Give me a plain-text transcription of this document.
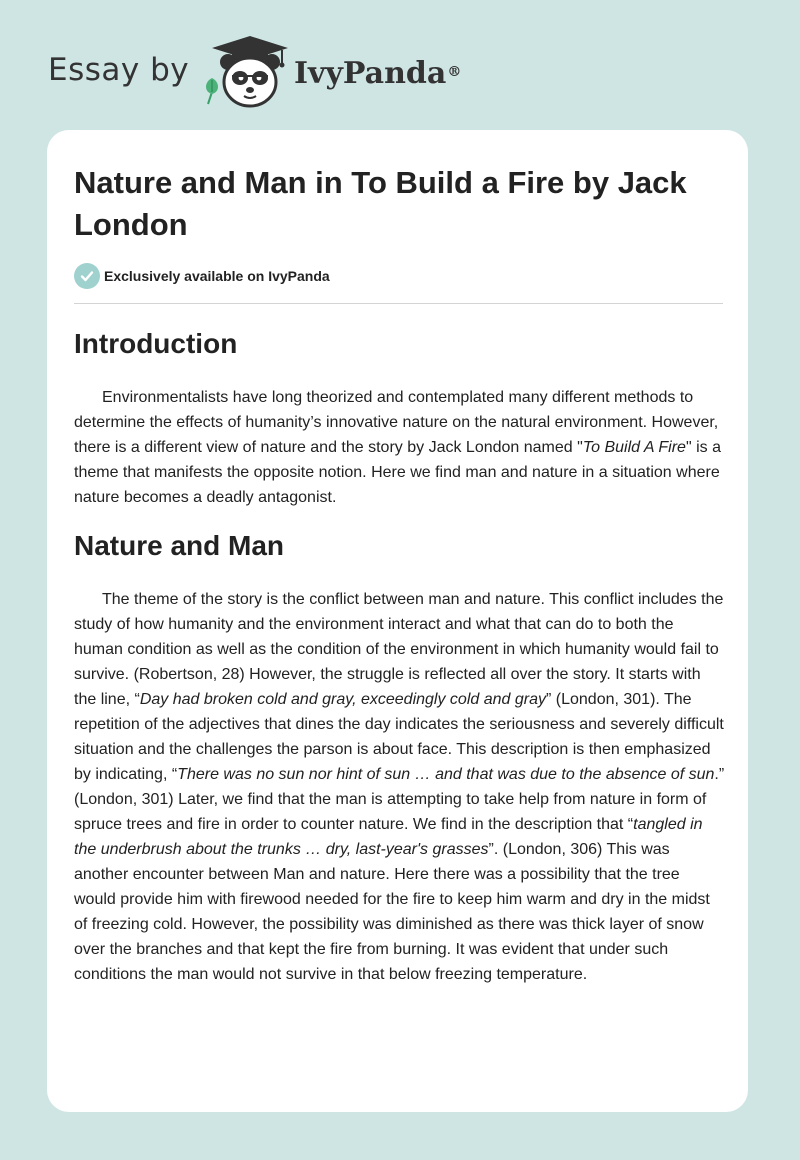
Essay by	IvyPanda®
Nature and Man in To Build a Fire by Jack London
Exclusively available on IvyPanda
Introduction

Environmentalists have long theorized and contemplated many different methods to determine the effects of humanity’s innovative nature on the natural environment. However, there is a different view of nature and the story by Jack London named "To Build A Fire" is a theme that manifests the opposite notion. Here we find man and nature in a situation where nature becomes a deadly antagonist.

Nature and Man

The theme of the story is the conflict between man and nature. This conflict includes the study of how humanity and the environment interact and what that can do to both the human condition as well as the condition of the environment in which humanity would fail to survive. (Robertson, 28) However, the struggle is reflected all over the story. It starts with the line, “Day had broken cold and gray, exceedingly cold and gray” (London, 301). The repetition of the adjectives that dines the day indicates the seriousness and severely difficult situation and the challenges the parson is about face. This description is then emphasized by indicating, “There was no sun nor hint of sun … and that was due to the absence of sun.” (London, 301) Later, we find that the man is attempting to take help from nature in form of spruce trees and fire in order to counter nature. We find in the description that “tangled in the underbrush about the trunks … dry, last-year's grasses”. (London, 306) This was another encounter between Man and nature. Here there was a possibility that the tree would provide him with firewood needed for the fire to keep him warm and dry in the midst of freezing cold. However, the possibility was diminished as there was thick layer of snow over the branches and that kept the fire from burning. It was evident that under such conditions the man would not survive in that below freezing temperature.
